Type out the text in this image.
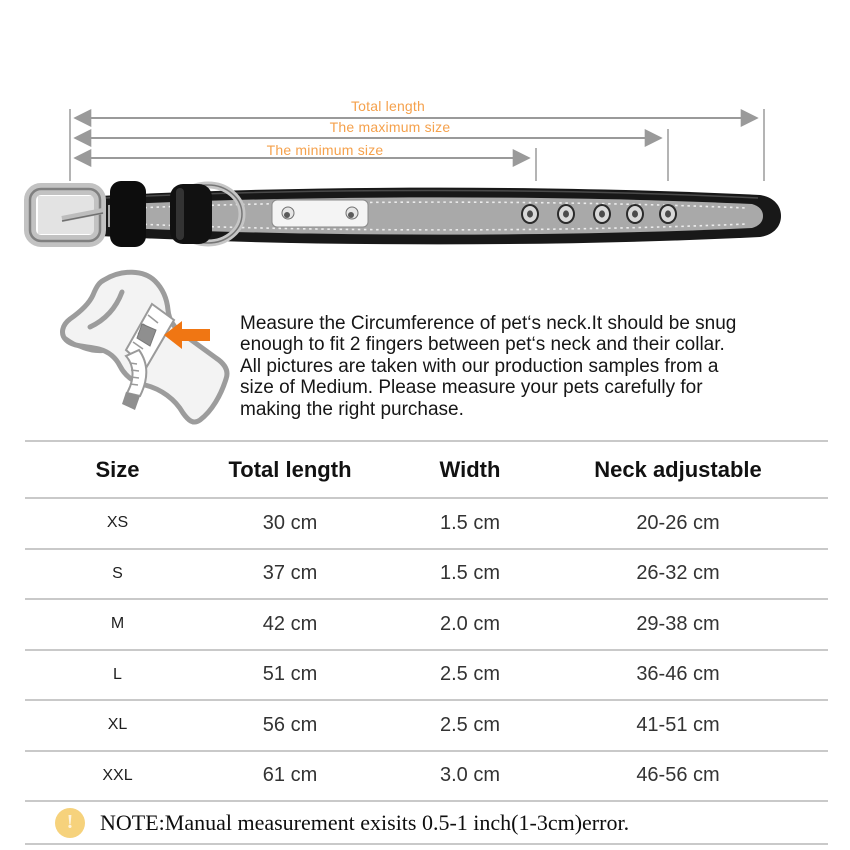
Total length
The maximum size
The minimum size
Measure the Circumference of pet‘s neck.It should be snug
enough to fit 2 fingers between pet‘s neck and their collar.
All pictures are taken with our production samples from a
size of Medium. Please measure your pets carefully for
making the right purchase.
Size	Total length	Width	Neck adjustable
XS	30 cm	1.5 cm	20-26 cm
S	37 cm	1.5 cm	26-32 cm
M	42 cm	2.0 cm	29-38 cm
L	51 cm	2.5 cm	36-46 cm
XL	56 cm	2.5 cm	41-51 cm
XXL	61 cm	3.0 cm	46-56 cm
!	NOTE:Manual measurement exisits 0.5-1 inch(1-3cm)error.
